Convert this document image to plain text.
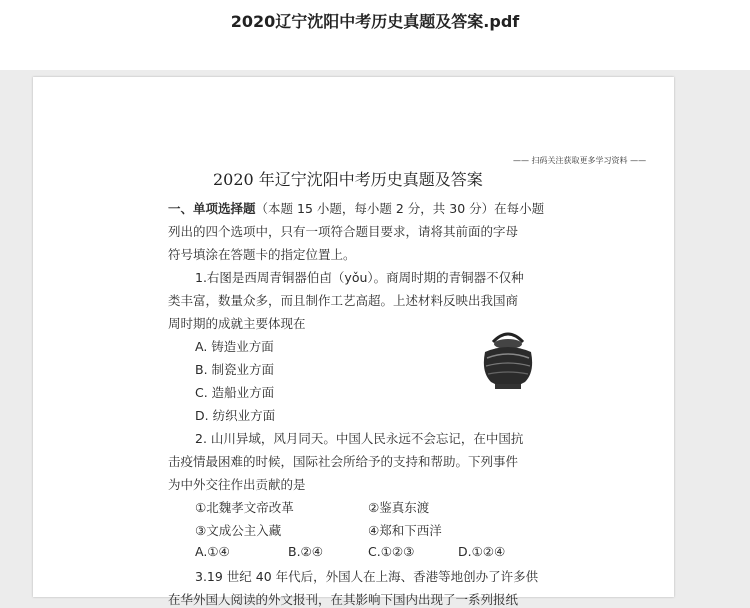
2020辽宁沈阳中考历史真题及答案.pdf
—— 扫码关注获取更多学习资料 ——
2020 年辽宁沈阳中考历史真题及答案
一、单项选择题（本题 15 小题，每小题 2 分，共 30 分）在每小题
列出的四个选项中，只有一项符合题目要求，请将其前面的字母
符号填涂在答题卡的指定位置上。
1.右图是西周青铜器伯卣（yǒu）。商周时期的青铜器不仅种
类丰富，数量众多，而且制作工艺高超。上述材料反映出我国商
周时期的成就主要体现在
A. 铸造业方面
B. 制瓷业方面
C. 造船业方面
D. 纺织业方面
2. 山川异域，风月同天。中国人民永远不会忘记，在中国抗
击疫情最困难的时候，国际社会所给予的支持和帮助。下列事件
为中外交往作出贡献的是
①北魏孝文帝改革	②鉴真东渡
③文成公主入藏	④郑和下西洋
A.①④	B.②④	C.①②③	D.①②④
3.19 世纪 40 年代后，外国人在上海、香港等地创办了许多供
在华外国人阅读的外文报刊，在其影响下国内出现了一系列报纸
